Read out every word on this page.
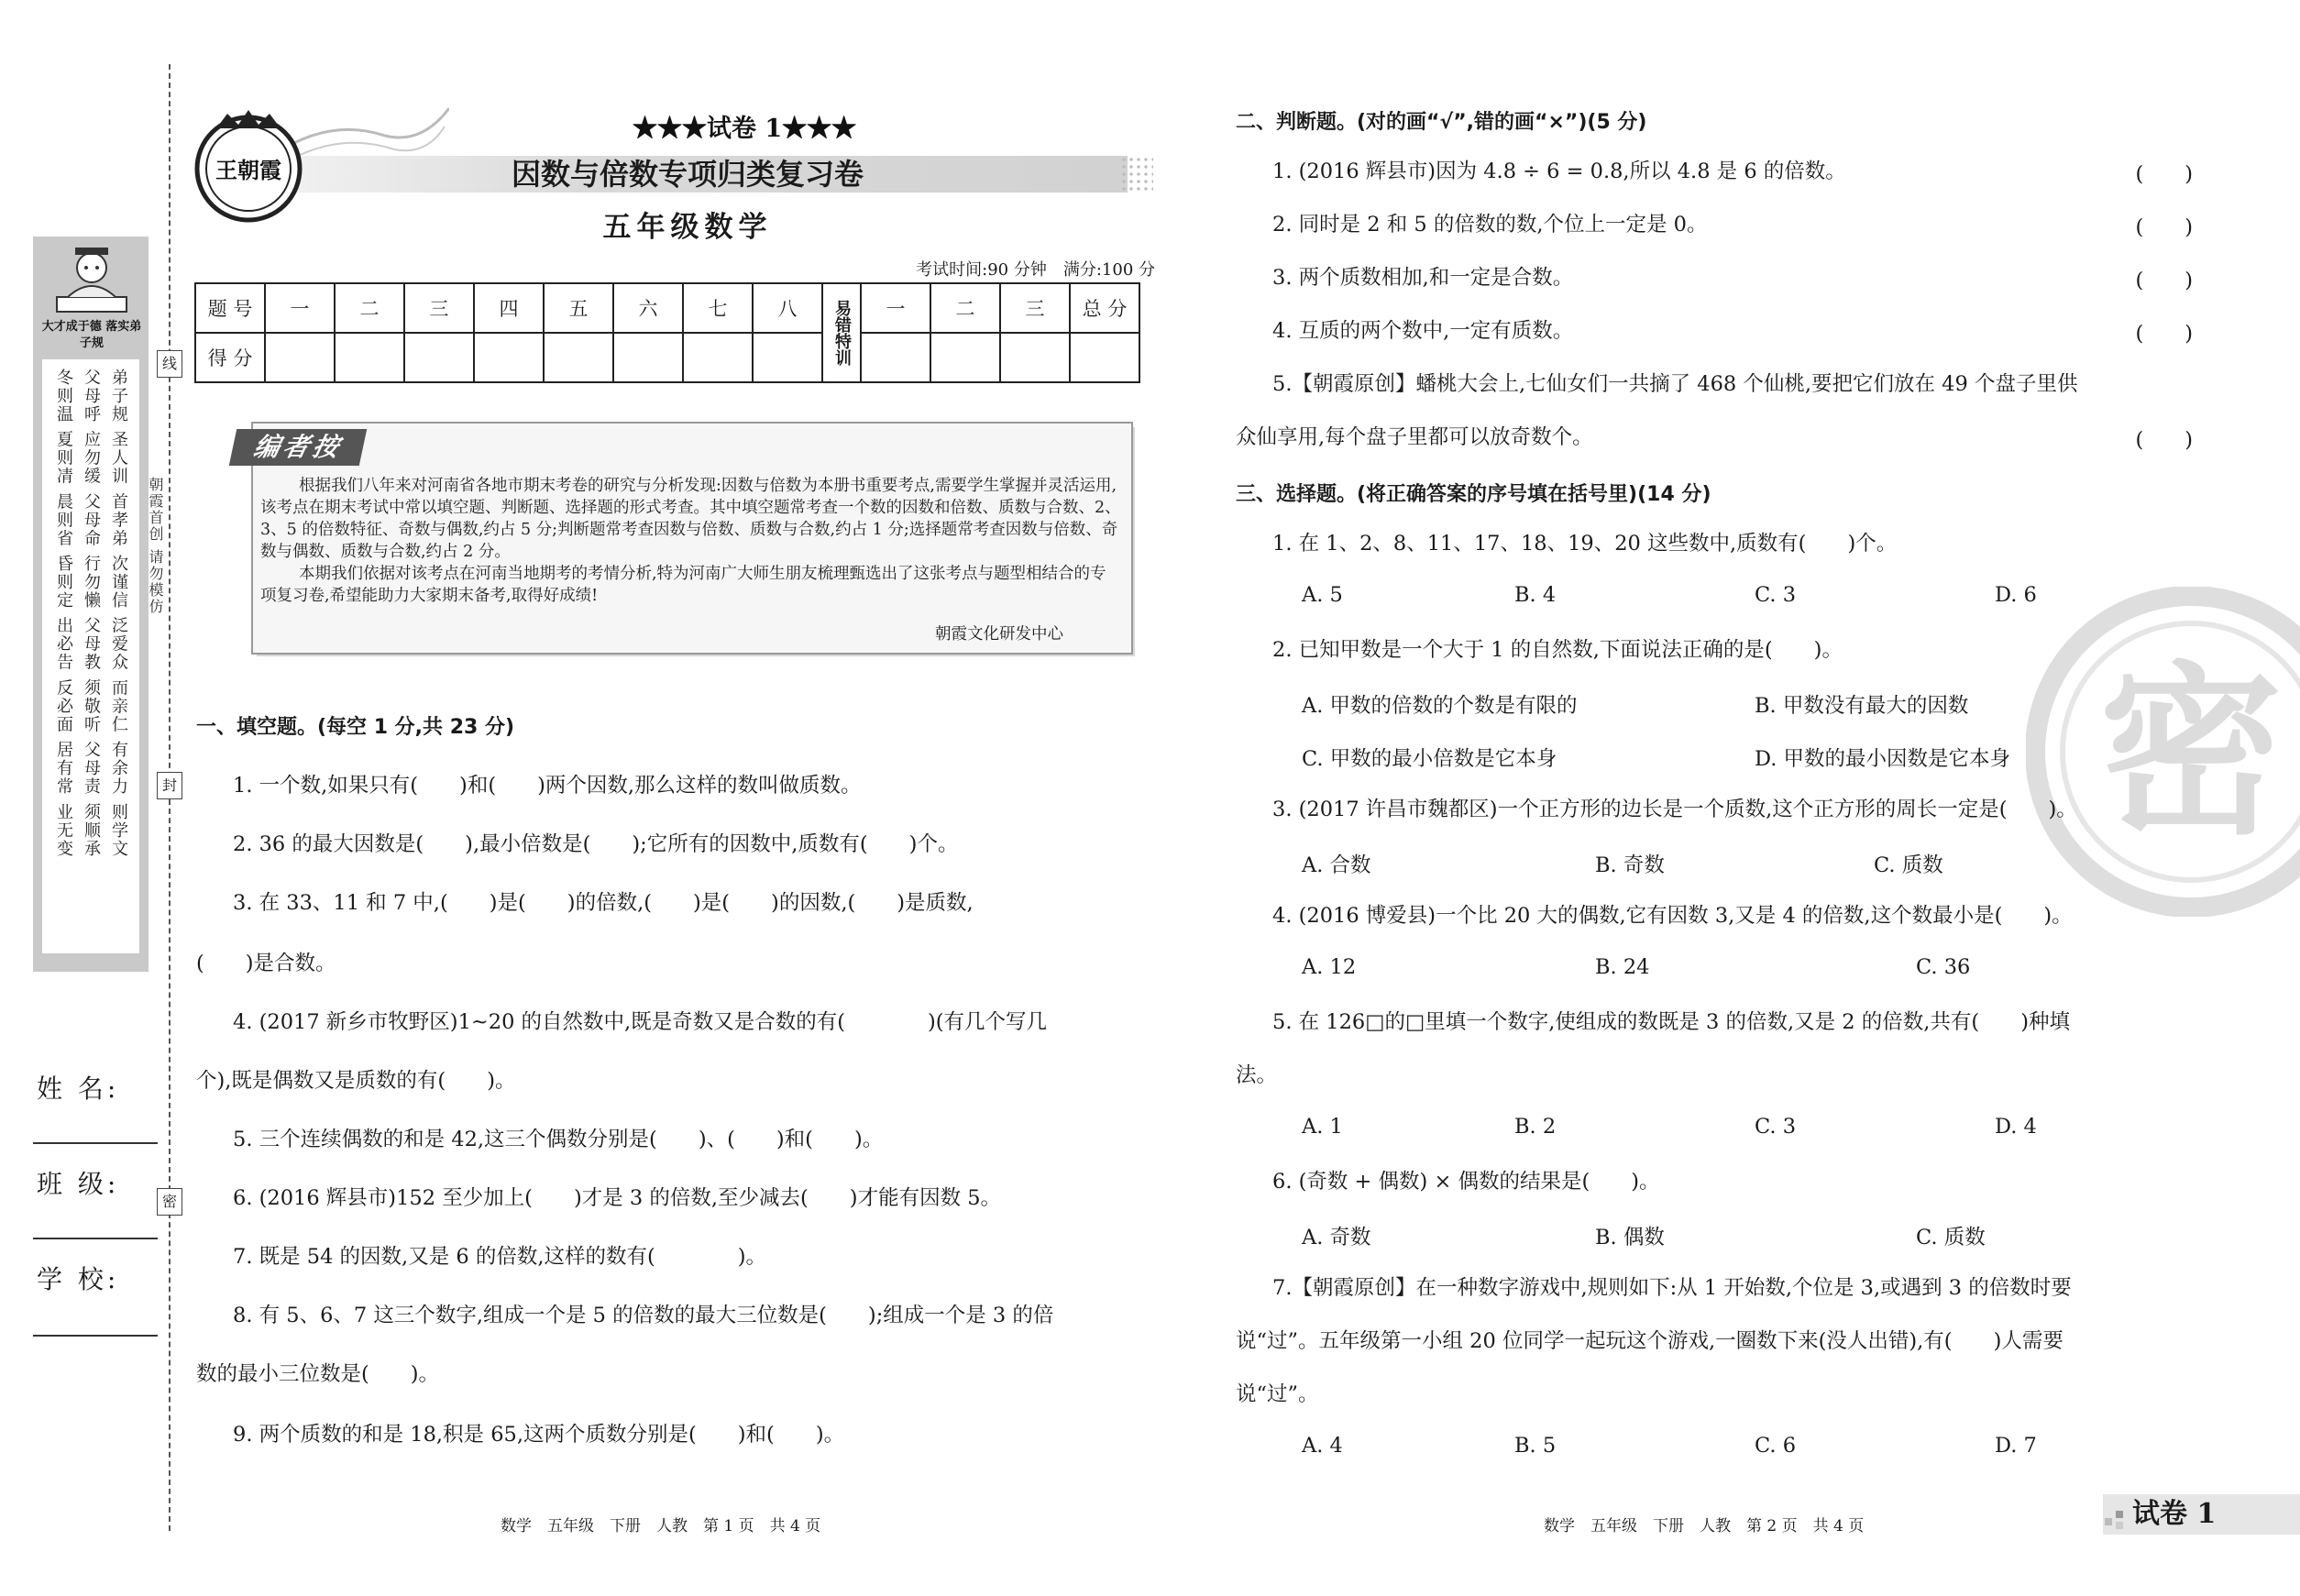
线
封
密
大才成于德 落实弟子规
弟子规 圣人训 首孝弟 次谨信 泛爱众 而亲仁 有余力 则学文
父母呼 应勿缓 父母命 行勿懒 父母教 须敬听 父母责 须顺承
冬则温 夏则凊 晨则省 昏则定 出必告 反必面 居有常 业无变	朝霞首创 请勿模仿
姓 名:
班 级:
学 校:
王朝霞
★★★试卷 1★★★
因数与倍数专项归类复习卷
五年级数学
考试时间:90 分钟　满分:100 分
题 号	一	二	三	四	五	六	七	八	易错特训	一	二	三	总 分
得 分													
编者按
根据我们八年来对河南省各地市期末考卷的研究与分析发现:因数与倍数为本册书重要考点,需要学生掌握并灵活运用,该考点在期末考试中常以填空题、判断题、选择题的形式考查。其中填空题常考查一个数的因数和倍数、质数与合数、2、3、5 的倍数特征、奇数与偶数,约占 5 分;判断题常考查因数与倍数、质数与合数,约占 1 分;选择题常考查因数与倍数、奇数与偶数、质数与合数,约占 2 分。
本期我们依据对该考点在河南当地期考的考情分析,特为河南广大师生朋友梳理甄选出了这张考点与题型相结合的专项复习卷,希望能助力大家期末备考,取得好成绩!
朝霞文化研发中心
一、填空题。(每空 1 分,共 23 分)
1. 一个数,如果只有(　　)和(　　)两个因数,那么这样的数叫做质数。
2. 36 的最大因数是(　　),最小倍数是(　　);它所有的因数中,质数有(　　)个。
3. 在 33、11 和 7 中,(　　)是(　　)的倍数,(　　)是(　　)的因数,(　　)是质数,
(　　)是合数。
4. (2017 新乡市牧野区)1~20 的自然数中,既是奇数又是合数的有(　　　　)(有几个写几
个),既是偶数又是质数的有(　　)。
5. 三个连续偶数的和是 42,这三个偶数分别是(　　)、(　　)和(　　)。
6. (2016 辉县市)152 至少加上(　　)才是 3 的倍数,至少减去(　　)才能有因数 5。
7. 既是 54 的因数,又是 6 的倍数,这样的数有(　　　　)。
8. 有 5、6、7 这三个数字,组成一个是 5 的倍数的最大三位数是(　　);组成一个是 3 的倍
数的最小三位数是(　　)。
9. 两个质数的和是 18,积是 65,这两个质数分别是(　　)和(　　)。
数学　五年级　下册　人教　第 1 页　共 4 页
密
二、判断题。(对的画“√”,错的画“×”)(5 分)
1. (2016 辉县市)因为 4.8 ÷ 6 = 0.8,所以 4.8 是 6 的倍数。	(　　)
2. 同时是 2 和 5 的倍数的数,个位上一定是 0。	(　　)
3. 两个质数相加,和一定是合数。	(　　)
4. 互质的两个数中,一定有质数。	(　　)
5.【朝霞原创】蟠桃大会上,七仙女们一共摘了 468 个仙桃,要把它们放在 49 个盘子里供
众仙享用,每个盘子里都可以放奇数个。	(　　)
三、选择题。(将正确答案的序号填在括号里)(14 分)
1. 在 1、2、8、11、17、18、19、20 这些数中,质数有(　　)个。
A. 5	B. 4	C. 3	D. 6
2. 已知甲数是一个大于 1 的自然数,下面说法正确的是(　　)。
A. 甲数的倍数的个数是有限的	B. 甲数没有最大的因数
C. 甲数的最小倍数是它本身	D. 甲数的最小因数是它本身
3. (2017 许昌市魏都区)一个正方形的边长是一个质数,这个正方形的周长一定是(　　)。
A. 合数	B. 奇数	C. 质数
4. (2016 博爱县)一个比 20 大的偶数,它有因数 3,又是 4 的倍数,这个数最小是(　　)。
A. 12	B. 24	C. 36
5. 在 126□的□里填一个数字,使组成的数既是 3 的倍数,又是 2 的倍数,共有(　　)种填
法。
A. 1	B. 2	C. 3	D. 4
6. (奇数 + 偶数) × 偶数的结果是(　　)。
A. 奇数	B. 偶数	C. 质数
7.【朝霞原创】在一种数字游戏中,规则如下:从 1 开始数,个位是 3,或遇到 3 的倍数时要
说“过”。五年级第一小组 20 位同学一起玩这个游戏,一圈数下来(没人出错),有(　　)人需要
说“过”。
A. 4	B. 5	C. 6	D. 7
数学　五年级　下册　人教　第 2 页　共 4 页	试卷 1
